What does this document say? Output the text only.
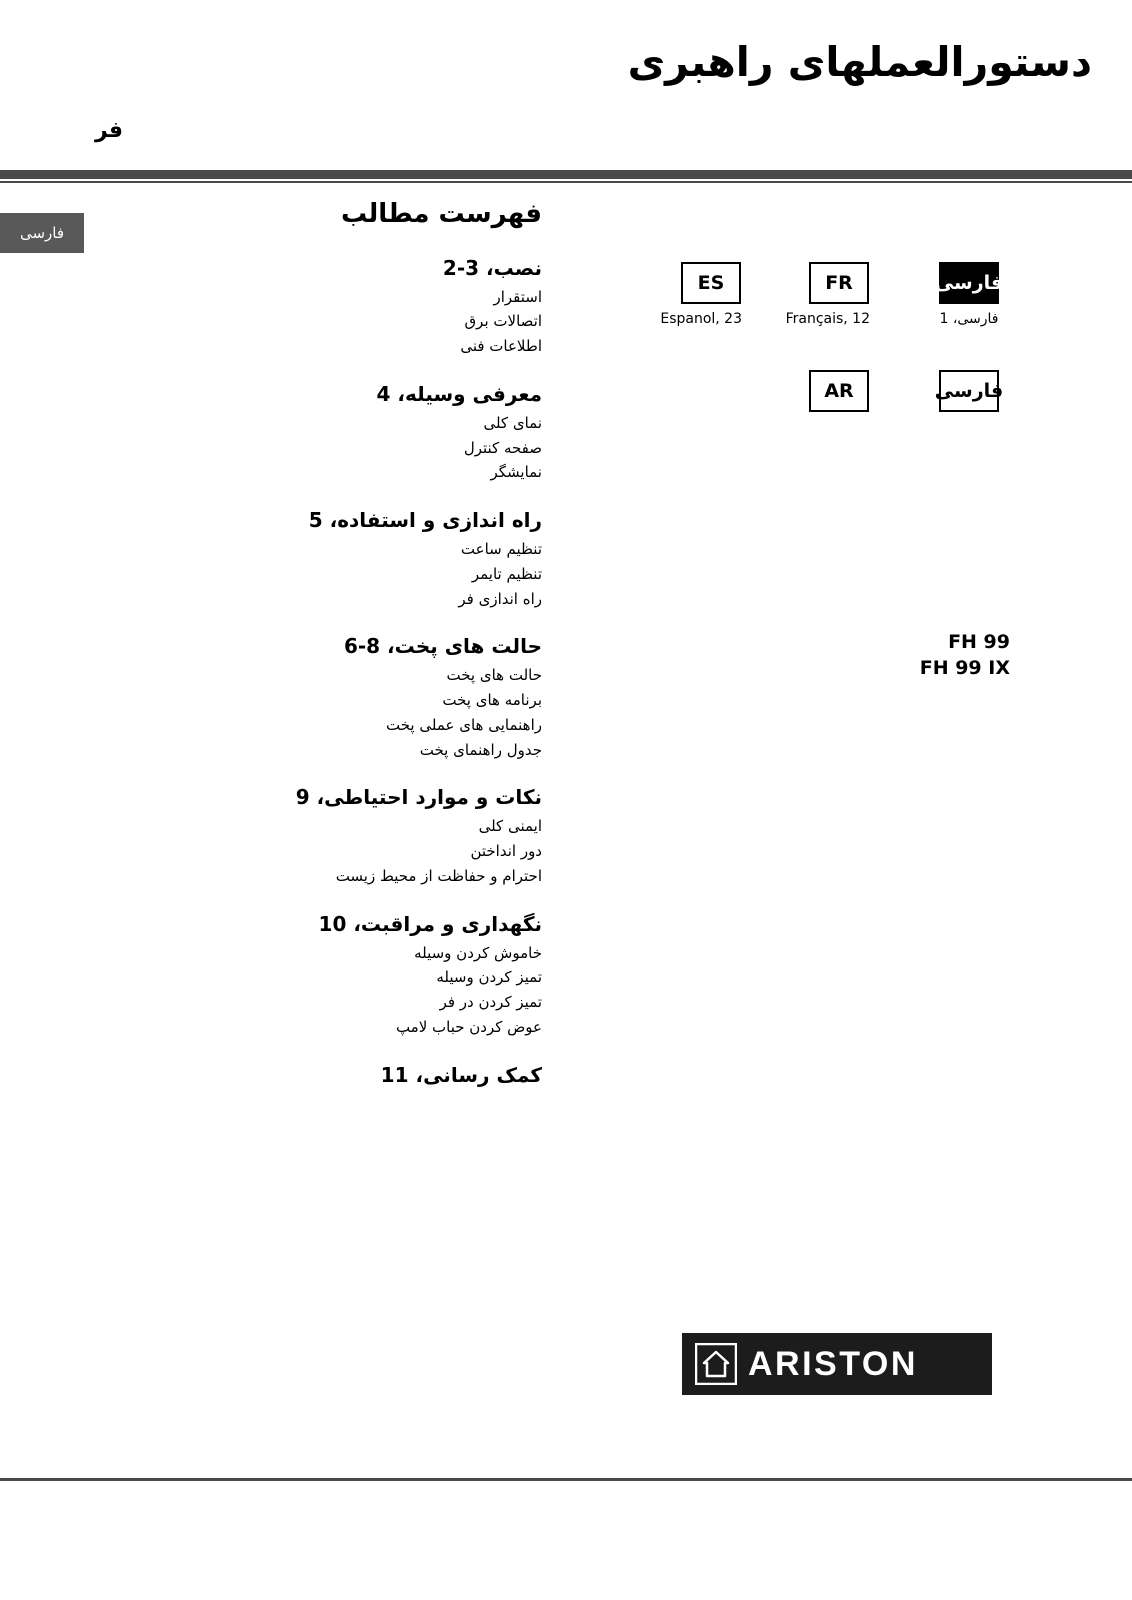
دستورالعملهای راهبری
فر
فارسی
فهرست مطالب
نصب، 3-2
استقرار
اتصالات برق
اطلاعات فنی
معرفی وسیله، 4
نمای کلی
صفحه کنترل
نمایشگر
راه اندازی و استفاده، 5
تنظیم ساعت
تنظیم تایمر
راه اندازی فر
حالت های پخت، 8-6
حالت های پخت
برنامه های پخت
راهنمایی های عملی پخت
جدول راهنمای پخت
نکات و موارد احتیاطی، 9
ایمنی کلی
دور انداختن
احترام و حفاظت از محیط زیست
نگهداری و مراقبت، 10
خاموش کردن وسیله
تمیز کردن وسیله
تمیز کردن در فر
عوض کردن حباب لامپ
کمک رسانی، 11
ES
Espanol, 23
FR
Français, 12
فارسی
فارسی، 1
AR	فارسی
FH 99
FH 99 IX
ARISTON
